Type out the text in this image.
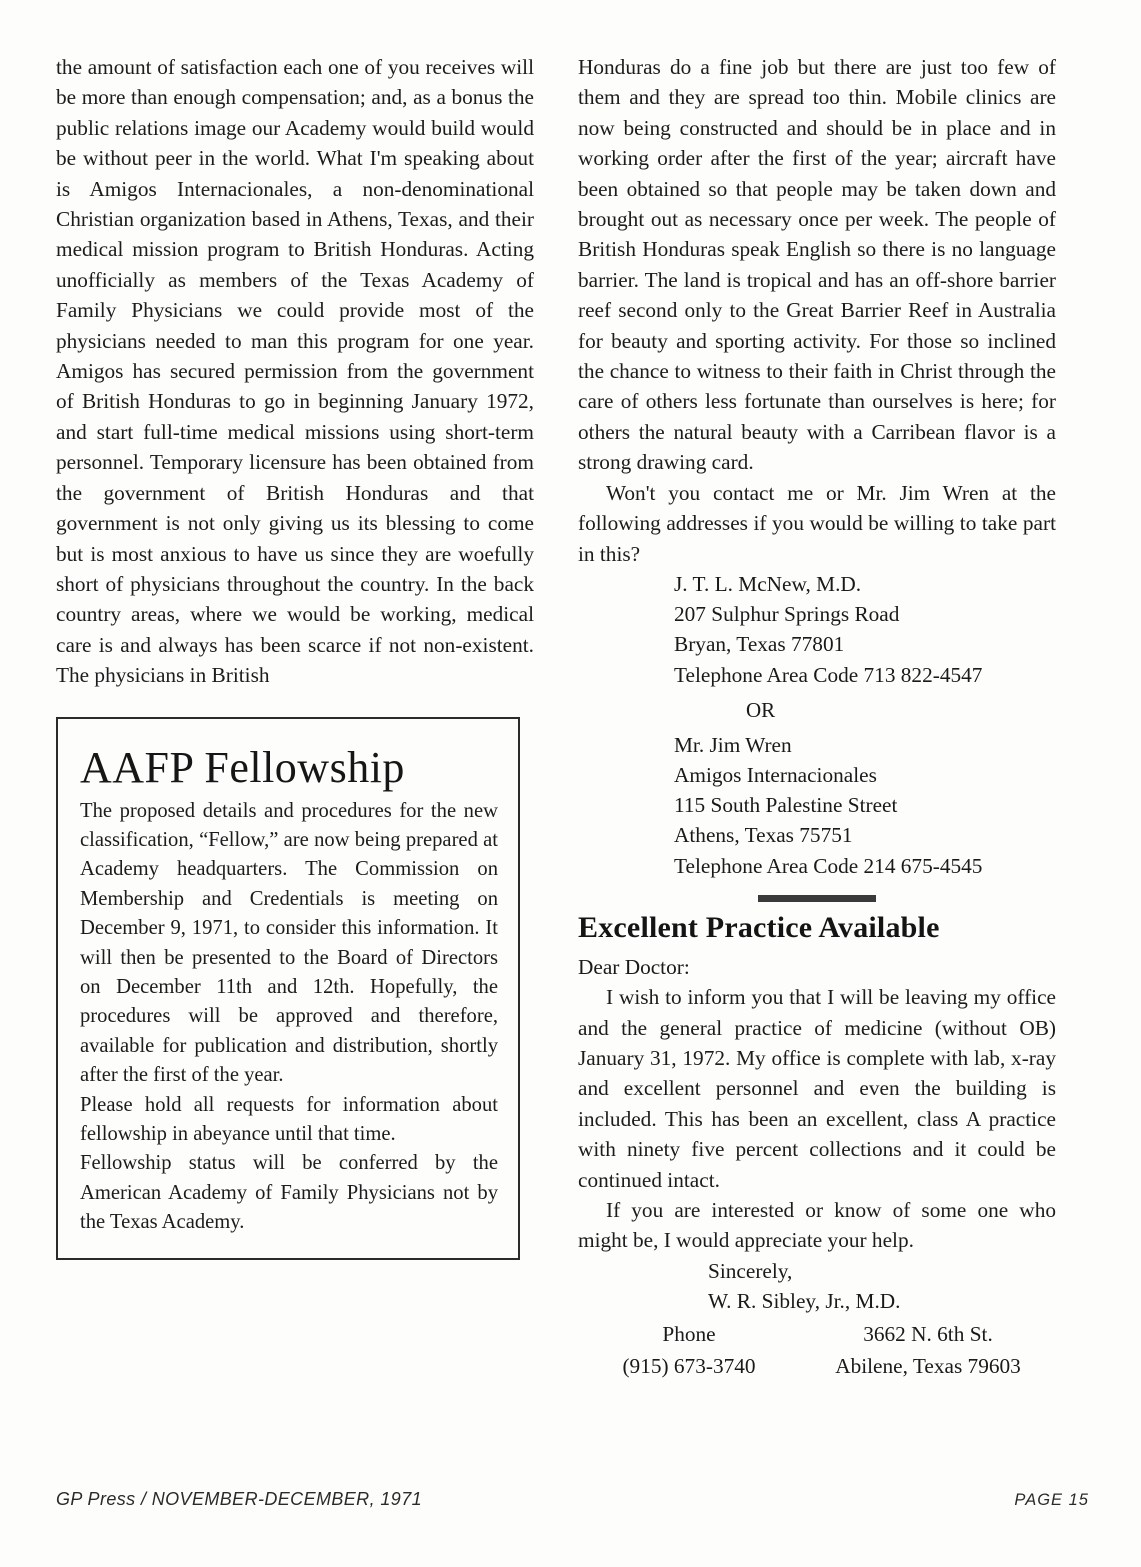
the amount of satisfaction each one of you receives will be more than enough compensation; and, as a bonus the public relations image our Academy would build would be without peer in the world. What I'm speaking about is Amigos Internacionales, a non-denominational Christian organization based in Athens, Texas, and their medical mission program to British Honduras. Acting unofficially as members of the Texas Academy of Family Physicians we could provide most of the physicians needed to man this program for one year. Amigos has secured permission from the government of British Honduras to go in beginning January 1972, and start full-time medical missions using short-term personnel. Temporary licensure has been obtained from the government of British Honduras and that government is not only giving us its blessing to come but is most anxious to have us since they are woefully short of physicians throughout the country. In the back country areas, where we would be working, medical care is and always has been scarce if not non-existent. The physicians in British

AAFP Fellowship

The proposed details and procedures for the new classification, “Fellow,” are now being prepared at Academy headquarters. The Commission on Membership and Credentials is meeting on December 9, 1971, to consider this information. It will then be presented to the Board of Directors on December 11th and 12th. Hopefully, the procedures will be approved and therefore, available for publication and distribution, shortly after the first of the year.

Please hold all requests for information about fellowship in abeyance until that time.

Fellowship status will be conferred by the American Academy of Family Physicians not by the Texas Academy.

Honduras do a fine job but there are just too few of them and they are spread too thin. Mobile clinics are now being constructed and should be in place and in working order after the first of the year; aircraft have been obtained so that people may be taken down and brought out as necessary once per week. The people of British Honduras speak English so there is no language barrier. The land is tropical and has an off-shore barrier reef second only to the Great Barrier Reef in Australia for beauty and sporting activity. For those so inclined the chance to witness to their faith in Christ through the care of others less fortunate than ourselves is here; for others the natural beauty with a Carribean flavor is a strong drawing card.

Won't you contact me or Mr. Jim Wren at the following addresses if you would be willing to take part in this?

J. T. L. McNew, M.D.
207 Sulphur Springs Road
Bryan, Texas 77801
Telephone Area Code 713 822-4547
OR
Mr. Jim Wren
Amigos Internacionales
115 South Palestine Street
Athens, Texas 75751
Telephone Area Code 214 675-4545
Excellent Practice Available

Dear Doctor:

I wish to inform you that I will be leaving my office and the general practice of medicine (without OB) January 31, 1972. My office is complete with lab, x-ray and excellent personnel and even the building is included. This has been an excellent, class A practice with ninety five percent collections and it could be continued intact.

If you are interested or know of some one who might be, I would appreciate your help.

Sincerely,
W. R. Sibley, Jr., M.D.
Phone	3662 N. 6th St.
(915) 673-3740	Abilene, Texas 79603
GP Press / NOVEMBER-DECEMBER, 1971	PAGE 15
